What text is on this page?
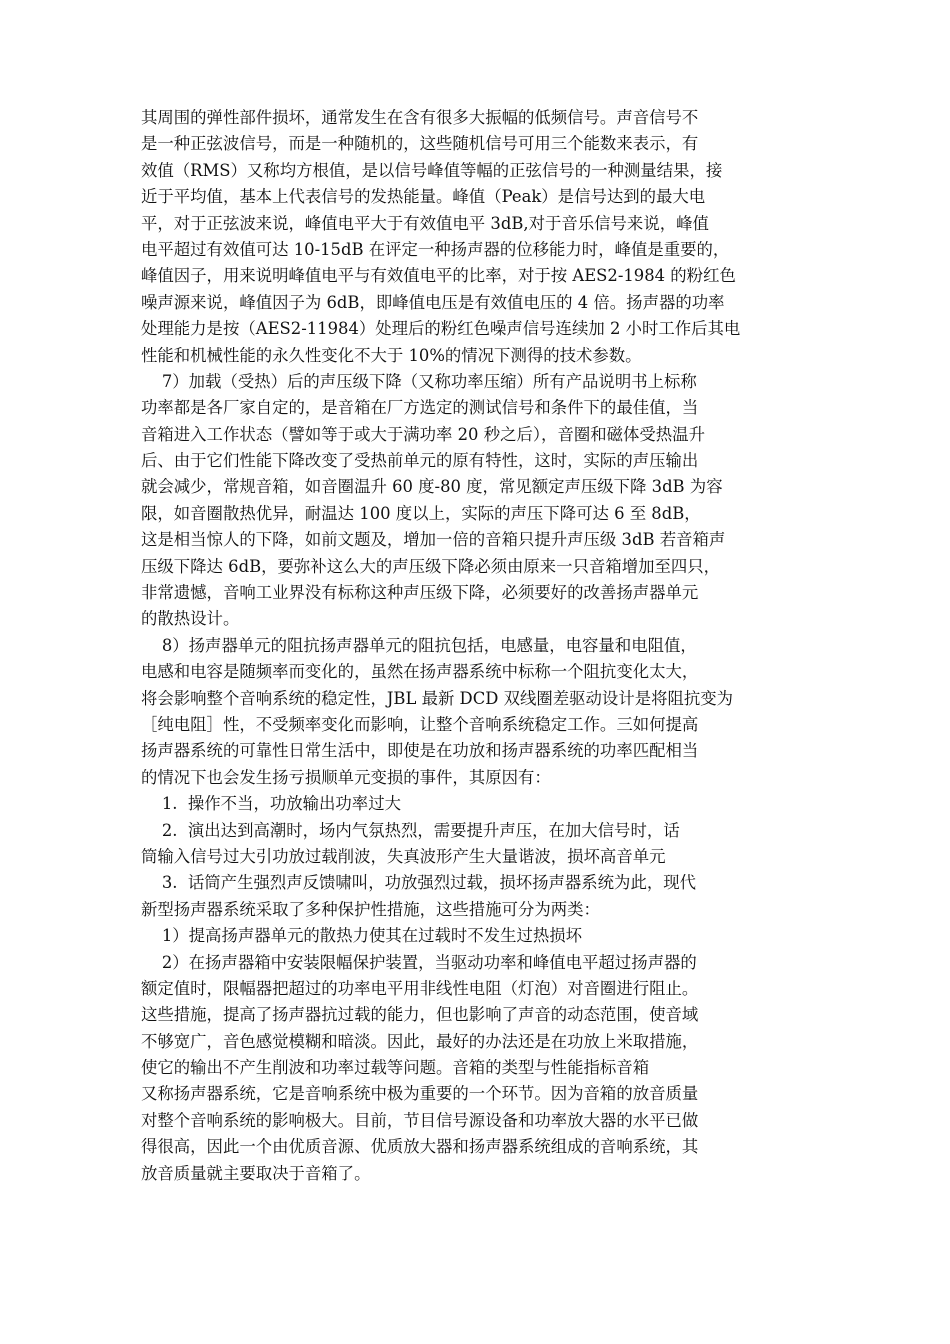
其周围的弹性部件损坏，通常发生在含有很多大振幅的低频信号。声音信号不
是一种正弦波信号，而是一种随机的，这些随机信号可用三个能数来表示，有
效值（RMS）又称均方根值，是以信号峰值等幅的正弦信号的一种测量结果，接
近于平均值，基本上代表信号的发热能量。峰值（Peak）是信号达到的最大电
平，对于正弦波来说，峰值电平大于有效值电平 3dB,对于音乐信号来说，峰值
电平超过有效值可达 10-15dB 在评定一种扬声器的位移能力时，峰值是重要的，
峰值因子，用来说明峰值电平与有效值电平的比率，对于按 AES2-1984 的粉红色
噪声源来说，峰值因子为 6dB，即峰值电压是有效值电压的 4 倍。扬声器的功率
处理能力是按（AES2-11984）处理后的粉红色噪声信号连续加 2 小时工作后其电
性能和机械性能的永久性变化不大于 10%的情况下测得的技术参数。
7）加载（受热）后的声压级下降（又称功率压缩）所有产品说明书上标称
功率都是各厂家自定的，是音箱在厂方选定的测试信号和条件下的最佳值，当
音箱进入工作状态（譬如等于或大于满功率 20 秒之后），音圈和磁体受热温升
后、由于它们性能下降改变了受热前单元的原有特性，这时，实际的声压输出
就会减少，常规音箱，如音圈温升 60 度-80 度，常见额定声压级下降 3dB 为容
限，如音圈散热优异，耐温达 100 度以上，实际的声压下降可达 6 至 8dB，
这是相当惊人的下降，如前文题及，增加一倍的音箱只提升声压级 3dB 若音箱声
压级下降达 6dB，要弥补这么大的声压级下降必须由原来一只音箱增加至四只，
非常遗憾，音响工业界没有标称这种声压级下降，必须要好的改善扬声器单元
的散热设计。
8）扬声器单元的阻抗扬声器单元的阻抗包括，电感量，电容量和电阻值，
电感和电容是随频率而变化的，虽然在扬声器系统中标称一个阻抗变化太大，
将会影响整个音响系统的稳定性，JBL 最新 DCD 双线圈差驱动设计是将阻抗变为
［纯电阻］性，不受频率变化而影响，让整个音响系统稳定工作。三如何提高
扬声器系统的可靠性日常生活中，即使是在功放和扬声器系统的功率匹配相当
的情况下也会发生扬亏损顺单元变损的事件，其原因有：
1.  操作不当，功放输出功率过大
2.  演出达到高潮时，场内气氛热烈，需要提升声压，在加大信号时，话
筒输入信号过大引功放过载削波，失真波形产生大量谐波，损坏高音单元
3.  话筒产生强烈声反馈啸叫，功放强烈过载，损坏扬声器系统为此，现代
新型扬声器系统采取了多种保护性措施，这些措施可分为两类：
1）提高扬声器单元的散热力使其在过载时不发生过热损坏
2）在扬声器箱中安装限幅保护装置，当驱动功率和峰值电平超过扬声器的
额定值时，限幅器把超过的功率电平用非线性电阻（灯泡）对音圈进行阻止。
这些措施，提高了扬声器抗过载的能力，但也影响了声音的动态范围，使音域
不够宽广，音色感觉模糊和暗淡。因此，最好的办法还是在功放上米取措施，
使它的输出不产生削波和功率过载等问题。音箱的类型与性能指标音箱
又称扬声器系统，它是音响系统中极为重要的一个环节。因为音箱的放音质量
对整个音响系统的影响极大。目前，节目信号源设备和功率放大器的水平已做
得很高，因此一个由优质音源、优质放大器和扬声器系统组成的音响系统，其
放音质量就主要取决于音箱了。
